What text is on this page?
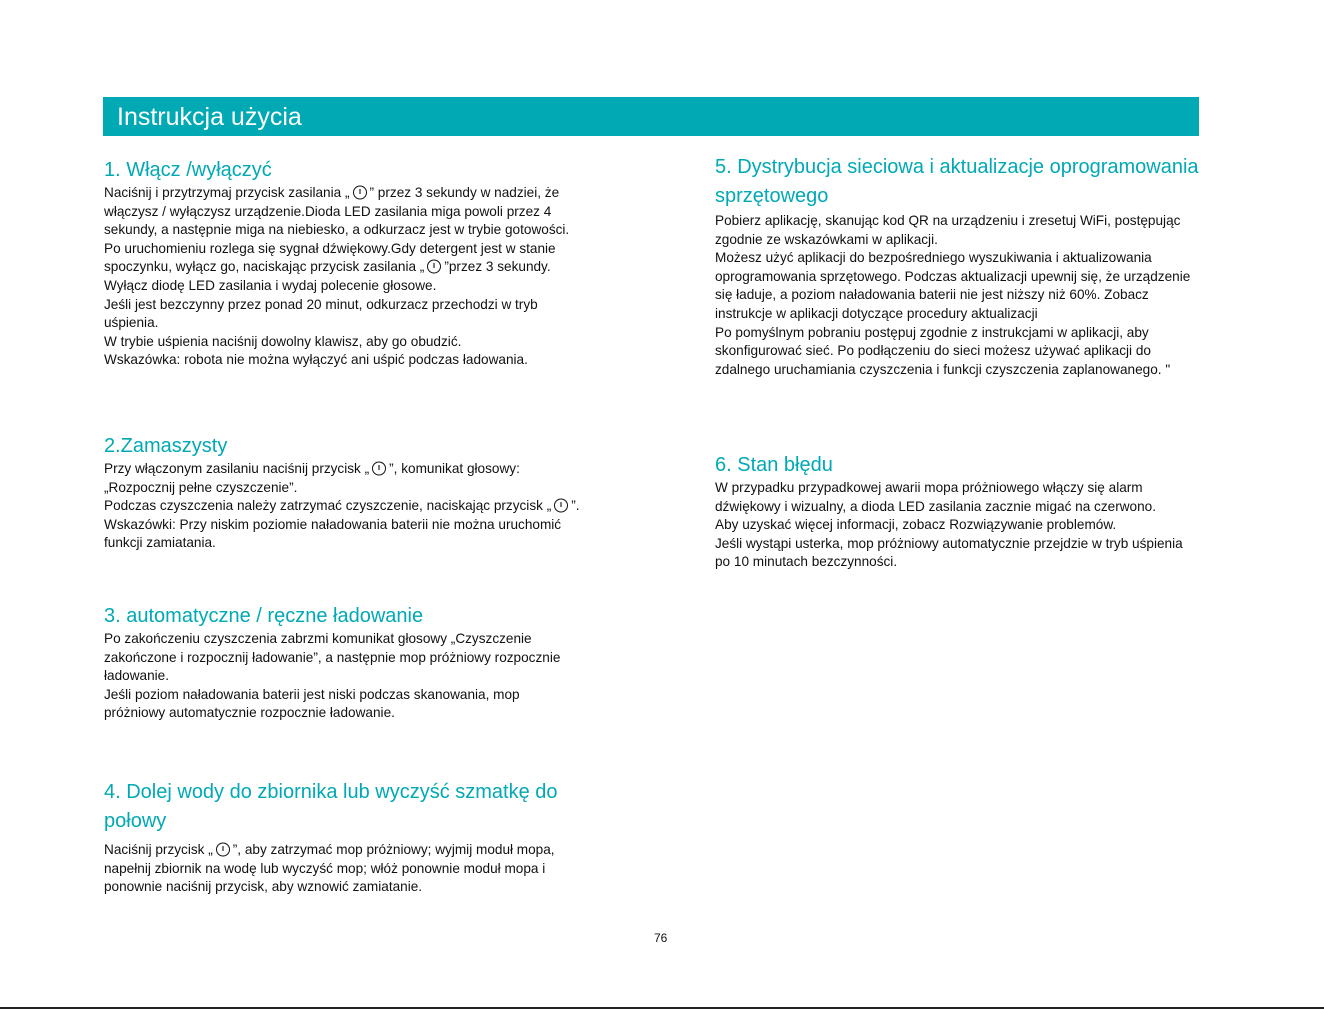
Instrukcja użycia
1. Włącz /wyłączyć

Naciśnij i przytrzymaj przycisk zasilania „ ” przez 3 sekundy w nadziei, że

włączysz / wyłączysz urządzenie.Dioda LED zasilania miga powoli przez 4

sekundy, a następnie miga na niebiesko, a odkurzacz jest w trybie gotowości.

Po uruchomieniu rozlega się sygnał dźwiękowy.Gdy detergent jest w stanie

spoczynku, wyłącz go, naciskając przycisk zasilania „ ”przez 3 sekundy.

Wyłącz diodę LED zasilania i wydaj polecenie głosowe.

Jeśli jest bezczynny przez ponad 20 minut, odkurzacz przechodzi w tryb

uśpienia.

W trybie uśpienia naciśnij dowolny klawisz, aby go obudzić.

Wskazówka: robota nie można wyłączyć ani uśpić podczas ładowania.

2.Zamaszysty

Przy włączonym zasilaniu naciśnij przycisk „ ”, komunikat głosowy:

„Rozpocznij pełne czyszczenie”.

Podczas czyszczenia należy zatrzymać czyszczenie, naciskając przycisk „ ”.

Wskazówki: Przy niskim poziomie naładowania baterii nie można uruchomić

funkcji zamiatania.

3. automatyczne / ręczne ładowanie

Po zakończeniu czyszczenia zabrzmi komunikat głosowy „Czyszczenie

zakończone i rozpocznij ładowanie”, a następnie mop próżniowy rozpocznie

ładowanie.

Jeśli poziom naładowania baterii jest niski podczas skanowania, mop

próżniowy automatycznie rozpocznie ładowanie.

4. Dolej wody do zbiornika lub wyczyść szmatkę do
połowy

Naciśnij przycisk „ ”, aby zatrzymać mop próżniowy; wyjmij moduł mopa,

napełnij zbiornik na wodę lub wyczyść mop; włóż ponownie moduł mopa i

ponownie naciśnij przycisk, aby wznowić zamiatanie.

5. Dystrybucja sieciowa i aktualizacje oprogramowania
sprzętowego

Pobierz aplikację, skanując kod QR na urządzeniu i zresetuj WiFi, postępując

zgodnie ze wskazówkami w aplikacji.

Możesz użyć aplikacji do bezpośredniego wyszukiwania i aktualizowania

oprogramowania sprzętowego. Podczas aktualizacji upewnij się, że urządzenie

się ładuje, a poziom naładowania baterii nie jest niższy niż 60%. Zobacz

instrukcje w aplikacji dotyczące procedury aktualizacji

Po pomyślnym pobraniu postępuj zgodnie z instrukcjami w aplikacji, aby

skonfigurować sieć. Po podłączeniu do sieci możesz używać aplikacji do

zdalnego uruchamiania czyszczenia i funkcji czyszczenia zaplanowanego. "

6. Stan błędu

W przypadku przypadkowej awarii mopa próżniowego włączy się alarm

dźwiękowy i wizualny, a dioda LED zasilania zacznie migać na czerwono.

Aby uzyskać więcej informacji, zobacz Rozwiązywanie problemów.

Jeśli wystąpi usterka, mop próżniowy automatycznie przejdzie w tryb uśpienia

po 10 minutach bezczynności.

76
